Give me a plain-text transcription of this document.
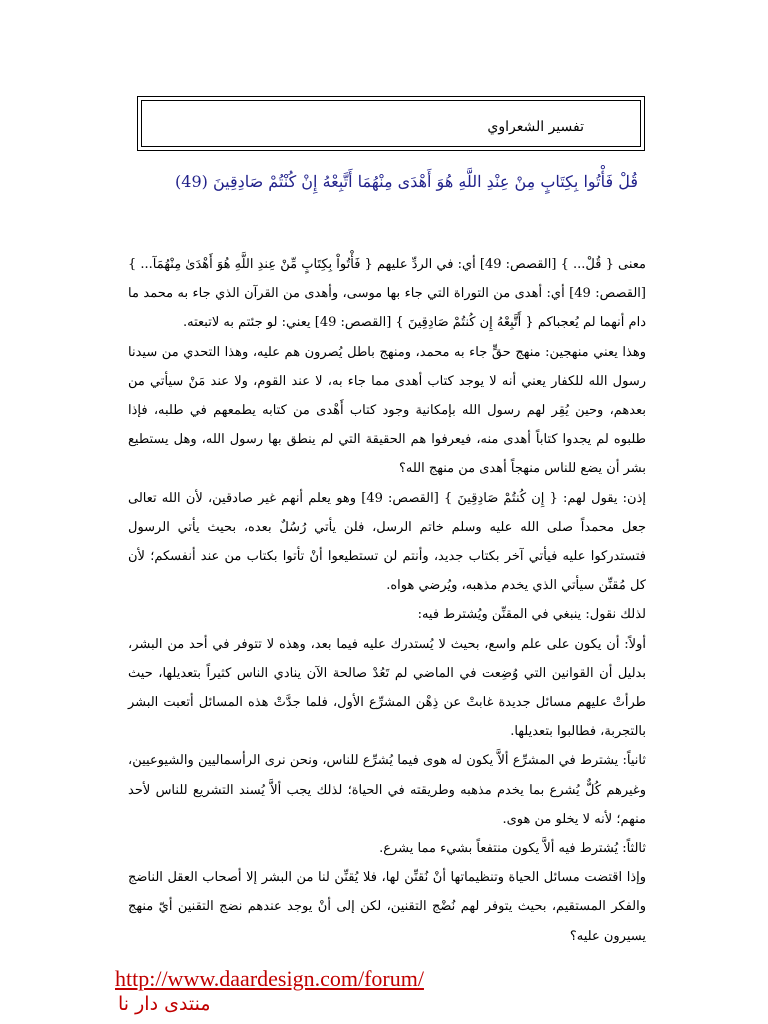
تفسير الشعراوي
قُلْ فَأْتُوا بِكِتَابٍ مِنْ عِنْدِ اللَّهِ هُوَ أَهْدَى مِنْهُمَا أَتَّبِعْهُ إِنْ كُنْتُمْ صَادِقِينَ (49)

معنى { قُلْ... } [القصص: 49] أي: في الردِّ عليهم { فَأْتُواْ بِكِتَابٍ مِّنْ عِندِ اللَّهِ هُوَ أَهْدَىٰ مِنْهُمَآ... } [القصص: 49] أي: أهدى من التوراة التي جاء بها موسى، وأهدى من القرآن الذي جاء به محمد ما دام أنهما لم يُعجباكم { أَتَّبِعْهُ إِن كُنتُمْ صَادِقِينَ } [القصص: 49] يعني: لو جئتم به لاتبعته.

وهذا يعني منهجين: منهج حقٍّ جاء به محمد، ومنهج باطل يُصرون هم عليه، وهذا التحدي من سيدنا رسول الله للكفار يعني أنه لا يوجد كتاب أهدى مما جاء به، لا عند القوم، ولا عند مَنْ سيأتي من بعدهم، وحين يُقِر لهم رسول الله بإمكانية وجود كتاب أَهْدى من كتابه يطمعهم في طلبه، فإذا طلبوه لم يجدوا كتاباً أهدى منه، فيعرفوا هم الحقيقة التي لم ينطق بها رسول الله، وهل يستطيع بشر أن يضع للناس منهجاً أهدى من منهج الله؟

إذن: يقول لهم: { إِن كُنتُمْ صَادِقِينَ } [القصص: 49] وهو يعلم أنهم غير صادقين، لأن الله تعالى جعل محمداً صلى الله عليه وسلم خاتم الرسل، فلن يأتي رُسُلٌ بعده، بحيث يأتي الرسول فتستدركوا عليه فيأتي آخر بكتاب جديد، وأنتم لن تستطيعوا أنْ تأتوا بكتاب من عند أنفسكم؛ لأن كل مُقنِّن سيأتي الذي يخدم مذهبه، ويُرضي هواه.

لذلك نقول: ينبغي في المقنِّن ويُشترط فيه:

أولاً: أن يكون على علم واسع، بحيث لا يُستدرك عليه فيما بعد، وهذه لا تتوفر في أحد من البشر، بدليل أن القوانين التي وُضِعت في الماضي لم تَعُدْ صالحة الآن ينادي الناس كثيراً بتعديلها، حيث طرأتْ عليهم مسائل جديدة غابتْ عن ذِهْن المشرِّع الأول، فلما جدَّتْ هذه المسائل أتعبت البشر بالتجربة، فطالبوا بتعديلها.

ثانياً: يشترط في المشرِّع ألاَّ يكون له هوى فيما يُشرِّع للناس، ونحن نرى الرأسماليين والشيوعيين، وغيرهم كُلٌّ يُشرع بما يخدم مذهبه وطريقته في الحياة؛ لذلك يجب ألاَّ يُسند التشريع للناس لأحد منهم؛ لأنه لا يخلو من هوى.

ثالثاً: يُشترط فيه ألاَّ يكون منتفعاً بشيء مما يشرع.

وإذا اقتضت مسائل الحياة وتنظيماتها أنْ نُقنِّن لها، فلا يُقنِّن لنا من البشر إلا أصحاب العقل الناضج والفكر المستقيم، بحيث يتوفر لهم نُضْج التقنين، لكن إلى أنْ يوجد عندهم نضج التقنين أيّ منهج يسيرون عليه؟

http://www.daardesign.com/forum/
منتدى دار نا
